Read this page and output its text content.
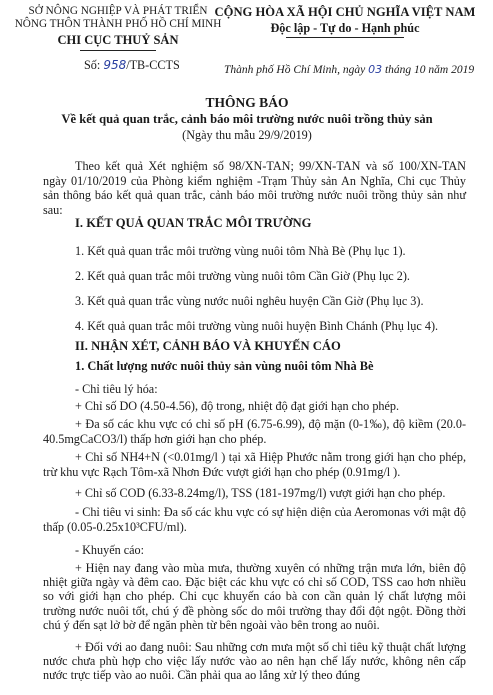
SỞ NÔNG NGHIỆP VÀ PHÁT TRIỂN
NÔNG THÔN THÀNH PHỐ HỒ CHÍ MINH
CHI CỤC THUỶ SẢN
CỘNG HÒA XÃ HỘI CHỦ NGHĨA VIỆT NAM
Độc lập - Tự do - Hạnh phúc
Số: 958/TB-CCTS	Thành phố Hồ Chí Minh, ngày 03 tháng 10 năm 2019
THÔNG BÁO
Về kết quả quan trắc, cảnh báo môi trường nước nuôi trồng thủy sản
(Ngày thu mẫu 29/9/2019)
Theo kết quả Xét nghiệm số 98/XN-TAN; 99/XN-TAN và số 100/XN-TAN ngày 01/10/2019 của Phòng kiểm nghiệm -Trạm Thủy sản An Nghĩa, Chi cục Thủy sản thông báo kết quả quan trắc, cảnh báo môi trường nước nuôi trồng thủy sản như sau:
I. KẾT QUẢ QUAN TRẮC MÔI TRƯỜNG
1. Kết quả quan trắc môi trường vùng nuôi tôm Nhà Bè (Phụ lục 1).
2. Kết quả quan trắc môi trường vùng nuôi tôm Cần Giờ (Phụ lục 2).
3. Kết quả quan trắc vùng nước nuôi nghêu huyện Cần Giờ (Phụ lục 3).
4. Kết quả quan trắc môi trường vùng nuôi huyện Bình Chánh (Phụ lục 4).
II. NHẬN XÉT, CẢNH BÁO VÀ KHUYẾN CÁO
1. Chất lượng nước nuôi thủy sản vùng nuôi tôm Nhà Bè
- Chỉ tiêu lý hóa:
+ Chỉ số DO (4.50-4.56), độ trong, nhiệt độ đạt giới hạn cho phép.
+ Đa số các khu vực có chỉ số pH (6.75-6.99), độ mặn (0-1‰), độ kiềm (20.0-40.5mgCaCO3/l) thấp hơn giới hạn cho phép.
+ Chỉ số NH4+N (<0.01mg/l ) tại xã Hiệp Phước nằm trong giới hạn cho phép, trừ khu vực Rạch Tôm-xã Nhơn Đức vượt giới hạn cho phép (0.91mg/l ).
+ Chỉ số COD (6.33-8.24mg/l), TSS (181-197mg/l) vượt giới hạn cho phép.
- Chỉ tiêu vi sinh: Đa số các khu vực có sự hiện diện của Aeromonas với mật độ thấp (0.05-0.25x10³CFU/ml).
- Khuyến cáo:
+ Hiện nay đang vào mùa mưa, thường xuyên có những trận mưa lớn, biên độ nhiệt giữa ngày và đêm cao. Đặc biệt các khu vực có chỉ số COD, TSS cao hơn nhiều so với giới hạn cho phép. Chi cục khuyến cáo bà con cần quản lý chất lượng môi trường nước nuôi tốt, chú ý đề phòng sốc do môi trường thay đổi đột ngột. Đồng thời chú ý đến sạt lở bờ để ngăn phèn từ bên ngoài vào bên trong ao nuôi.
+ Đối với ao đang nuôi: Sau những cơn mưa một số chỉ tiêu kỹ thuật chất lượng nước chưa phù hợp cho việc lấy nước vào ao nên hạn chế lấy nước, không nên cấp nước trực tiếp vào ao nuôi. Cần phải qua ao lắng xử lý theo đúng
